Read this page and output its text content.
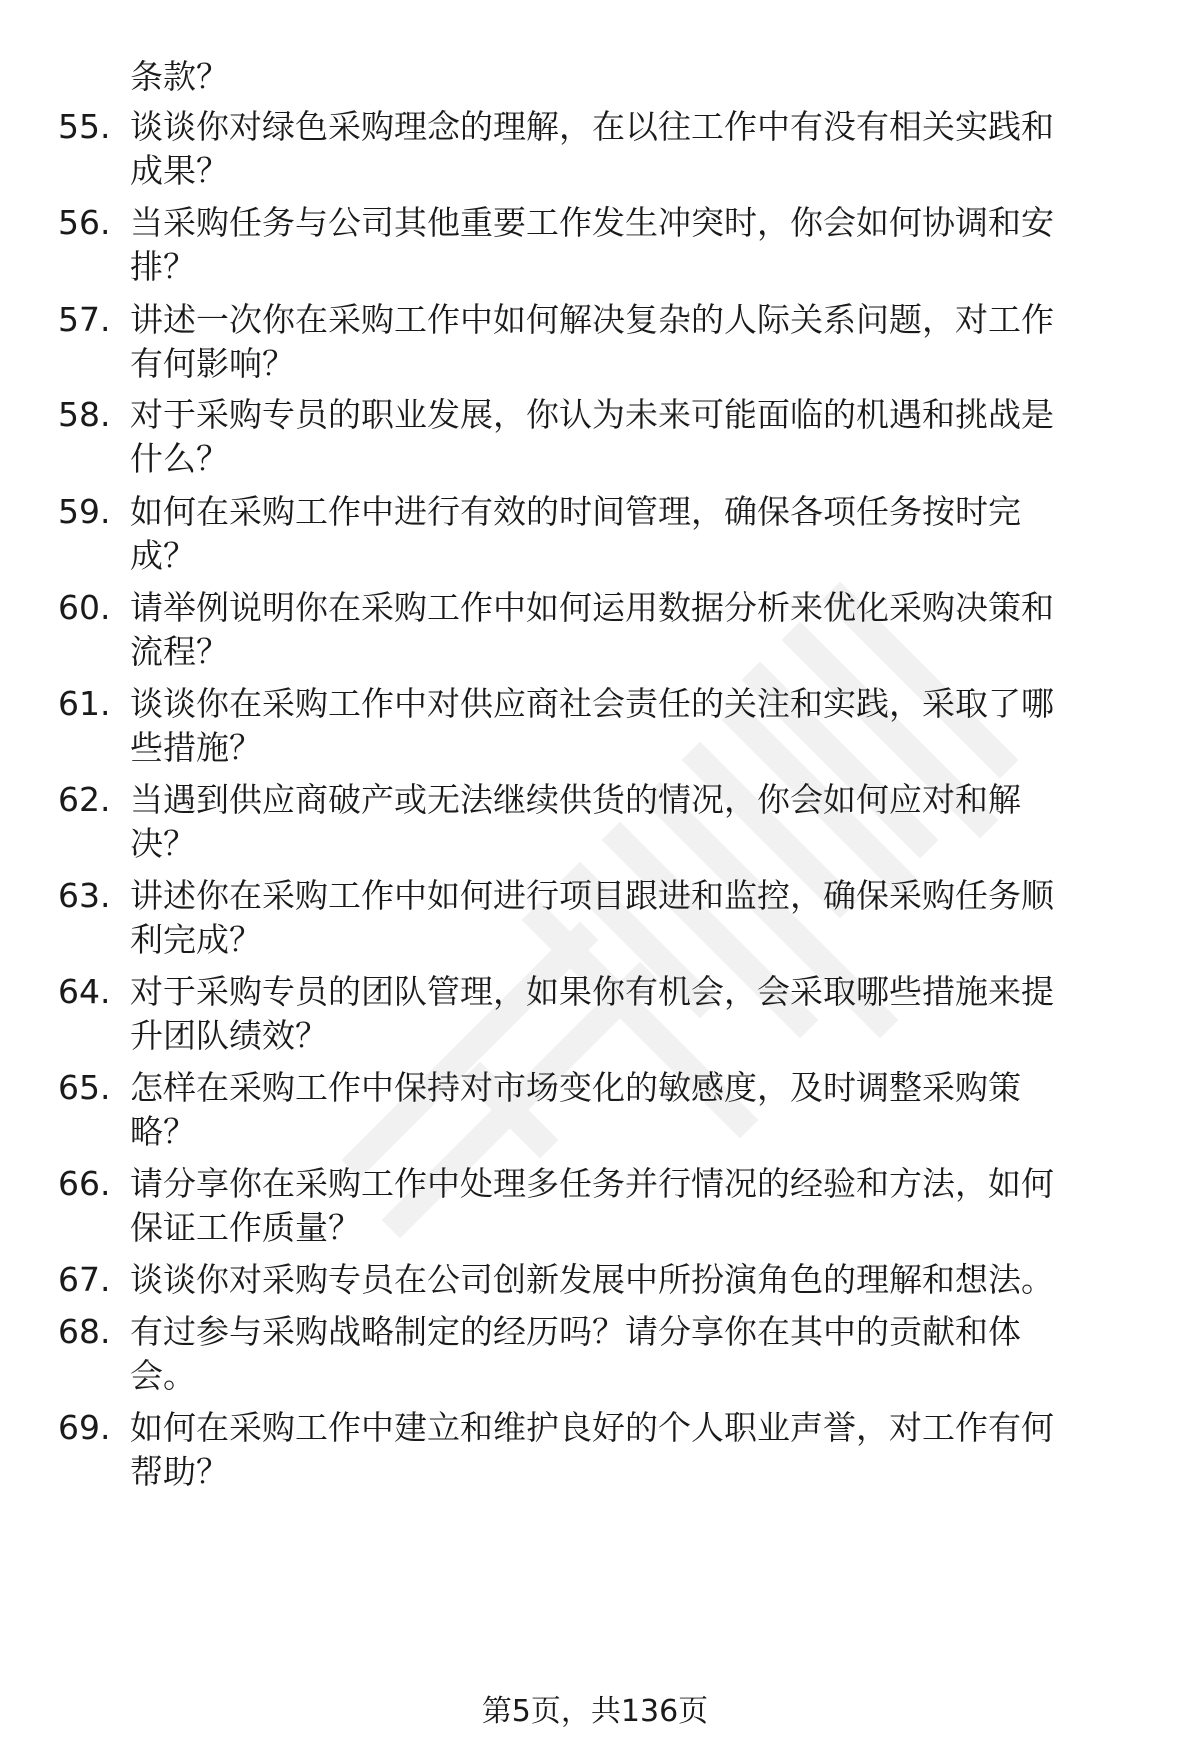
条款？
55. 谈谈你对绿色采购理念的理解，在以往工作中有没有相关实践和
成果？
56. 当采购任务与公司其他重要工作发生冲突时，你会如何协调和安
排？
57. 讲述一次你在采购工作中如何解决复杂的人际关系问题，对工作
有何影响？
58. 对于采购专员的职业发展，你认为未来可能面临的机遇和挑战是
什么？
59. 如何在采购工作中进行有效的时间管理，确保各项任务按时完
成？
60. 请举例说明你在采购工作中如何运用数据分析来优化采购决策和
流程？
61. 谈谈你在采购工作中对供应商社会责任的关注和实践，采取了哪
些措施？
62. 当遇到供应商破产或无法继续供货的情况，你会如何应对和解
决？
63. 讲述你在采购工作中如何进行项目跟进和监控，确保采购任务顺
利完成？
64. 对于采购专员的团队管理，如果你有机会，会采取哪些措施来提
升团队绩效？
65. 怎样在采购工作中保持对市场变化的敏感度，及时调整采购策
略？
66. 请分享你在采购工作中处理多任务并行情况的经验和方法，如何
保证工作质量？
67. 谈谈你对采购专员在公司创新发展中所扮演角色的理解和想法。
68. 有过参与采购战略制定的经历吗？请分享你在其中的贡献和体
会。
69. 如何在采购工作中建立和维护良好的个人职业声誉，对工作有何
帮助？
第5页，共136页
